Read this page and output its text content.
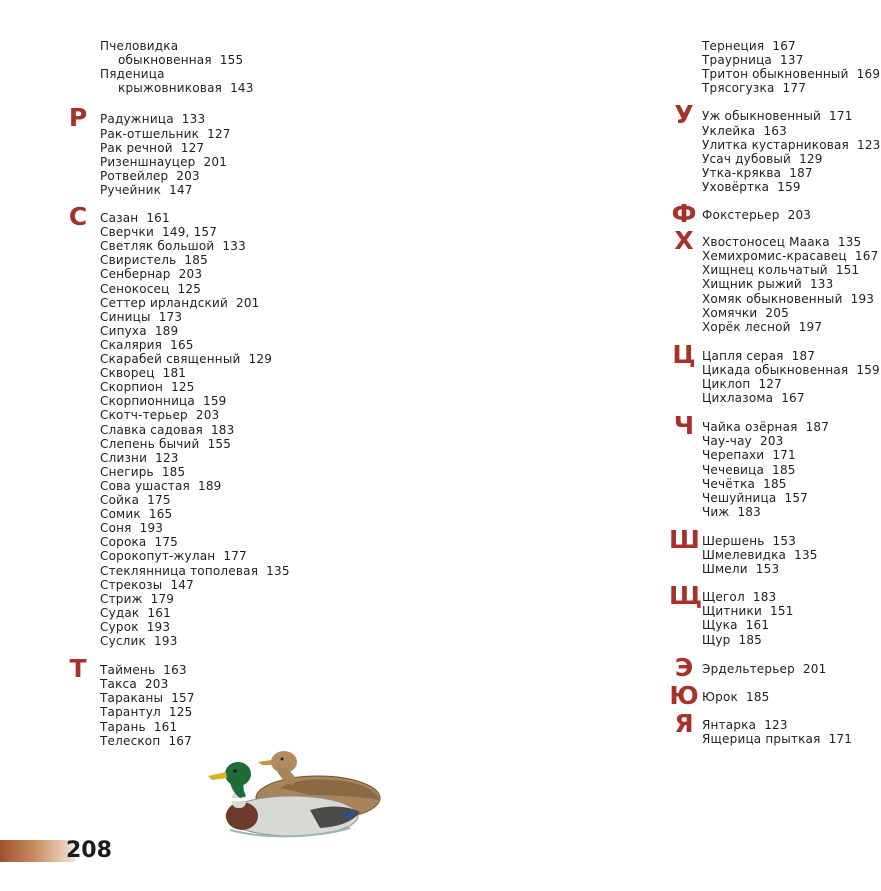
Пчеловидка
обыкновенная 155
Пяденица
крыжовниковая 143
Р	Радужница 133
Рак-отшельник 127
Рак речной 127
Ризеншнауцер 201
Ротвейлер 203
Ручейник 147
С	Сазан 161
Сверчки 149, 157
Светляк большой 133
Свиристель 185
Сенбернар 203
Сенокосец 125
Сеттер ирландский 201
Синицы 173
Сипуха 189
Скалярия 165
Скарабей священный 129
Скворец 181
Скорпион 125
Скорпионница 159
Скотч-терьер 203
Славка садовая 183
Слепень бычий 155
Слизни 123
Снегирь 185
Сова ушастая 189
Сойка 175
Сомик 165
Соня 193
Сорока 175
Сорокопут-жулан 177
Стеклянница тополевая 135
Стрекозы 147
Стриж 179
Судак 161
Сурок 193
Суслик 193
Т	Таймень 163
Такса 203
Тараканы 157
Тарантул 125
Тарань 161
Телескоп 167
Тернеция 167
Траурница 137
Тритон обыкновенный 169
Трясогузка 177
У Уж обыкновенный 171
Уклейка 163
Улитка кустарниковая 123
Усач дубовый 129
Утка-кряква 187
Уховёртка 159
Ф Фокстерьер 203
Х Хвостоносец Маака 135
Хемихромис-красавец 167
Хищнец кольчатый 151
Хищник рыжий 133
Хомяк обыкновенный 193
Хомячки 205
Хорёк лесной 197
Ц Цапля серая 187
Цикада обыкновенная 159
Циклоп 127
Цихлазома 167
Ч Чайка озёрная 187
Чау-чау 203
Черепахи 171
Чечевица 185
Чечётка 185
Чешуйница 157
Чиж 183
Ш Шершень 153
Шмелевидка 135
Шмели 153
Щ Щегол 183
Щитники 151
Щука 161
Щур 185
Э Эрдельтерьер 201
Ю Юрок 185
Я Янтарка 123
Ящерица прыткая 171
208
